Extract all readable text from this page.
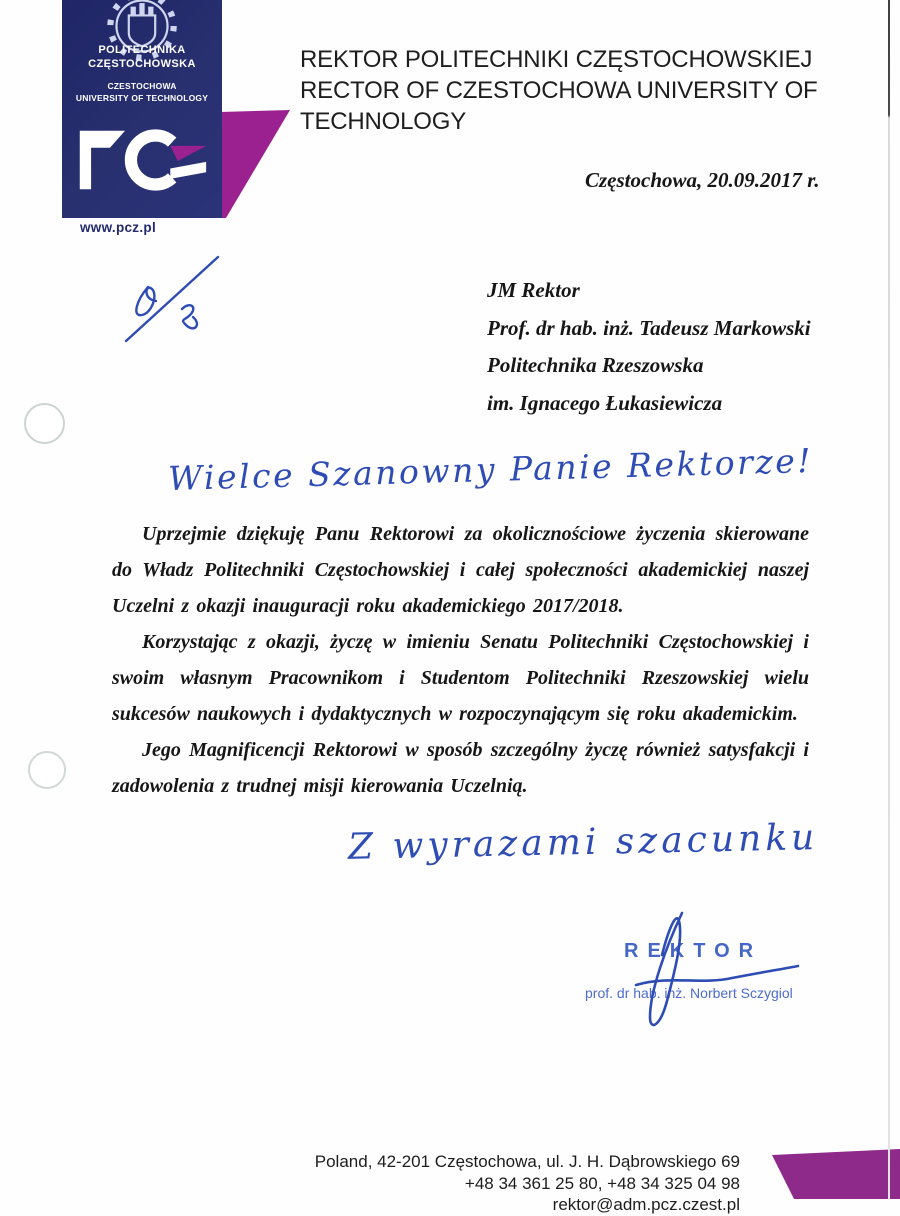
POLITECHNIKA
CZĘSTOCHOWSKA
CZESTOCHOWA
UNIVERSITY OF TECHNOLOGY
www.pcz.pl
REKTOR POLITECHNIKI CZĘSTOCHOWSKIEJ
RECTOR OF CZESTOCHOWA UNIVERSITY OF TECHNOLOGY
Częstochowa, 20.09.2017 r.
JM Rektor
Prof. dr hab. inż. Tadeusz Markowski
Politechnika Rzeszowska
im. Ignacego Łukasiewicza
Wielce Szanowny Panie Rektorze!

Uprzejmie dziękuję Panu Rektorowi za okolicznościowe życzenia skierowane do Władz Politechniki Częstochowskiej i całej społeczności akademickiej naszej Uczelni z okazji inauguracji roku akademickiego 2017/2018.

Korzystając z okazji, życzę w imieniu Senatu Politechniki Częstochowskiej i swoim własnym Pracownikom i Studentom Politechniki Rzeszowskiej wielu sukcesów naukowych i dydaktycznych w rozpoczynającym się roku akademickim.

Jego Magnificencji Rektorowi w sposób szczególny życzę również satysfakcji i zadowolenia z trudnej misji kierowania Uczelnią.

Z wyrazami szacunku
REKTOR
prof. dr hab. inż. Norbert Sczygiol
Poland, 42-201 Częstochowa, ul. J. H. Dąbrowskiego 69
+48 34 361 25 80, +48 34 325 04 98
rektor@adm.pcz.czest.pl
